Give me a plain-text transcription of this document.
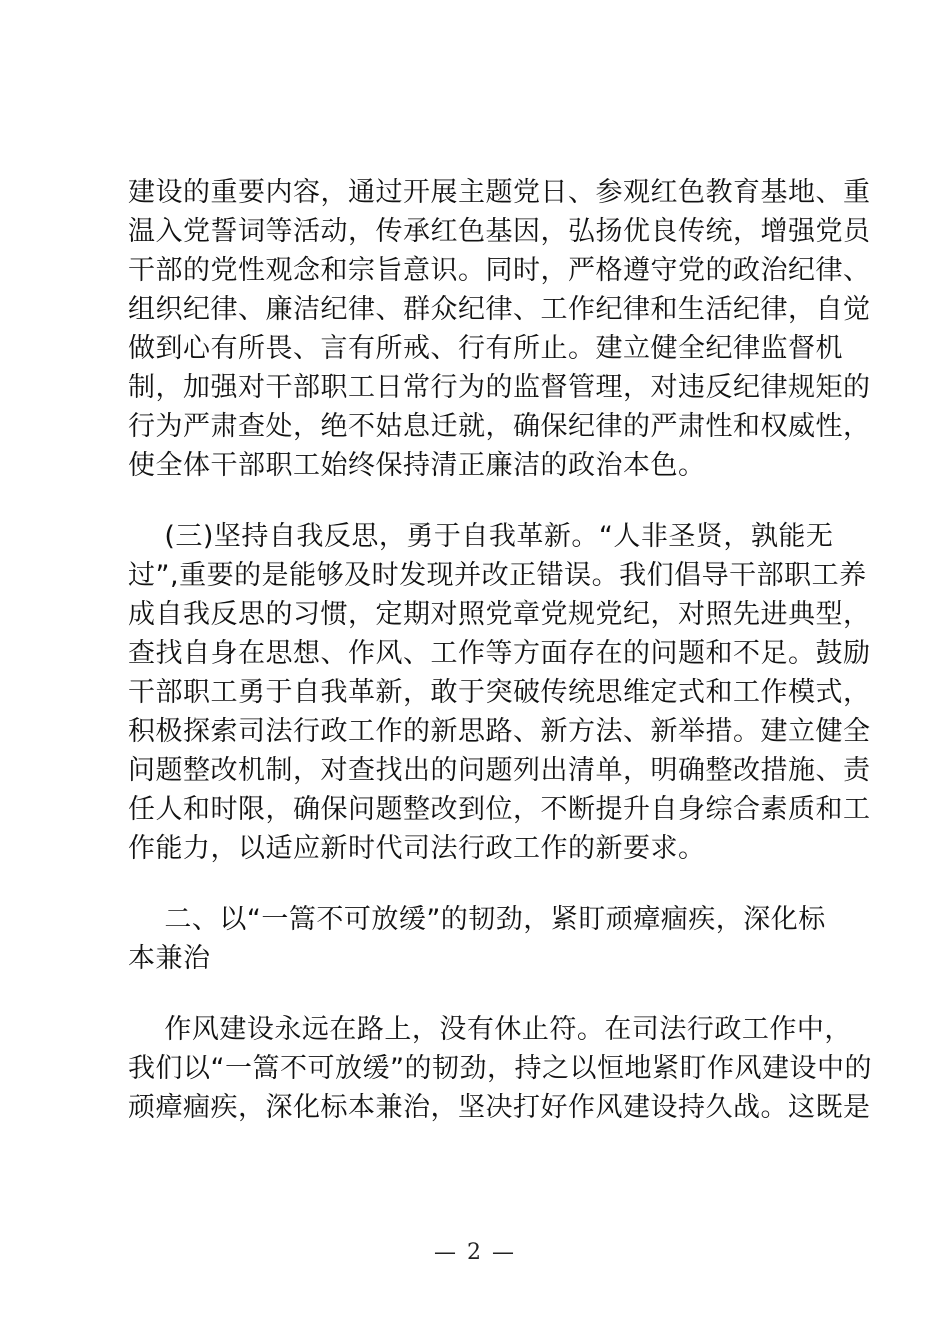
建设的重要内容，通过开展主题党日、参观红色教育基地、重

温入党誓词等活动，传承红色基因，弘扬优良传统，增强党员

干部的党性观念和宗旨意识。同时，严格遵守党的政治纪律、

组织纪律、廉洁纪律、群众纪律、工作纪律和生活纪律，自觉

做到心有所畏、言有所戒、行有所止。建立健全纪律监督机

制，加强对干部职工日常行为的监督管理，对违反纪律规矩的

行为严肃查处，绝不姑息迁就，确保纪律的严肃性和权威性，

使全体干部职工始终保持清正廉洁的政治本色。

(三)坚持自我反思，勇于自我革新。“人非圣贤，孰能无

过”,重要的是能够及时发现并改正错误。我们倡导干部职工养

成自我反思的习惯，定期对照党章党规党纪，对照先进典型，

查找自身在思想、作风、工作等方面存在的问题和不足。鼓励

干部职工勇于自我革新，敢于突破传统思维定式和工作模式，

积极探索司法行政工作的新思路、新方法、新举措。建立健全

问题整改机制，对查找出的问题列出清单，明确整改措施、责

任人和时限，确保问题整改到位，不断提升自身综合素质和工

作能力，以适应新时代司法行政工作的新要求。

二、以“一篙不可放缓”的韧劲，紧盯顽瘴痼疾，深化标

本兼治

作风建设永远在路上，没有休止符。在司法行政工作中，

我们以“一篙不可放缓”的韧劲，持之以恒地紧盯作风建设中的

顽瘴痼疾，深化标本兼治，坚决打好作风建设持久战。这既是

— 2 —
